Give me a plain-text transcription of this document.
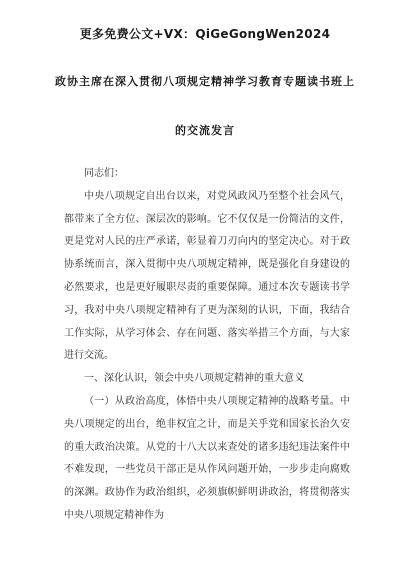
更多免费公文+VX：QiGeGongWen2024
政协主席在深入贯彻八项规定精神学习教育专题读书班上
的交流发言

同志们：

中央八项规定自出台以来，对党风政风乃至整个社会风气，都带来了全方位、深层次的影响。它不仅仅是一份简洁的文件，更是党对人民的庄严承诺，彰显着刀刃向内的坚定决心。对于政协系统而言，深入贯彻中央八项规定精神，既是强化自身建设的必然要求，也是更好履职尽责的重要保障。通过本次专题读书学习，我对中央八项规定精神有了更为深刻的认识，下面，我结合工作实际，从学习体会、存在问题、落实举措三个方面，与大家进行交流。

一、深化认识，领会中央八项规定精神的重大意义

（一）从政治高度，体悟中央八项规定精神的战略考量。中央八项规定的出台，绝非权宜之计，而是关乎党和国家长治久安的重大政治决策。从党的十八大以来查处的诸多违纪违法案件中不难发现，一些党员干部正是从作风问题开始，一步步走向腐败的深渊。政协作为政治组织，必须旗帜鲜明讲政治，将贯彻落实中央八项规定精神作为
